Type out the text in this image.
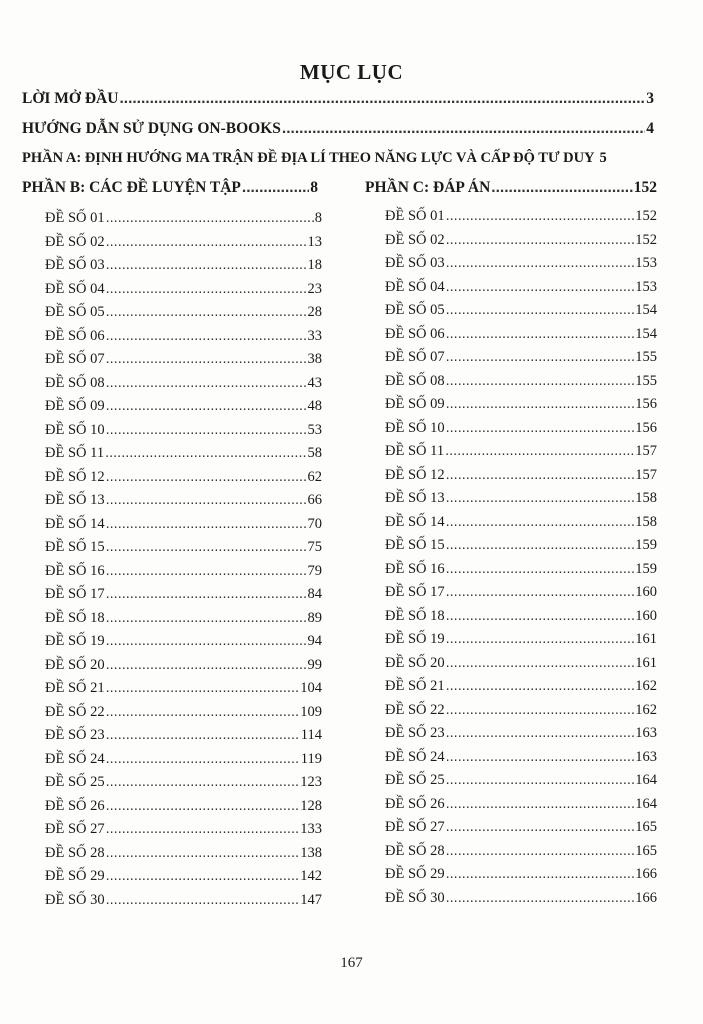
MỤC LỤC
LỜI MỞ ĐẦU .....	3
HƯỚNG DẪN SỬ DỤNG ON-BOOKS .....	4
PHẦN A: ĐỊNH HƯỚNG MA TRẬN ĐỀ ĐỊA LÍ THEO NĂNG LỰC VÀ CẤP ĐỘ TƯ DUY 5
PHẦN B: CÁC ĐỀ LUYỆN TẬP .....	8	PHẦN C: ĐÁP ÁN .....	152
ĐỀ SỐ 01 .....	8
ĐỀ SỐ 02 .....	13
ĐỀ SỐ 03 .....	18
ĐỀ SỐ 04 .....	23
ĐỀ SỐ 05 .....	28
ĐỀ SỐ 06 .....	33
ĐỀ SỐ 07 .....	38
ĐỀ SỐ 08 .....	43
ĐỀ SỐ 09 .....	48
ĐỀ SỐ 10 .....	53
ĐỀ SỐ 11 .....	58
ĐỀ SỐ 12 .....	62
ĐỀ SỐ 13 .....	66
ĐỀ SỐ 14 .....	70
ĐỀ SỐ 15 .....	75
ĐỀ SỐ 16 .....	79
ĐỀ SỐ 17 .....	84
ĐỀ SỐ 18 .....	89
ĐỀ SỐ 19 .....	94
ĐỀ SỐ 20 .....	99
ĐỀ SỐ 21 .....	104
ĐỀ SỐ 22 .....	109
ĐỀ SỐ 23 .....	114
ĐỀ SỐ 24 .....	119
ĐỀ SỐ 25 .....	123
ĐỀ SỐ 26 .....	128
ĐỀ SỐ 27 .....	133
ĐỀ SỐ 28 .....	138
ĐỀ SỐ 29 .....	142
ĐỀ SỐ 30 .....	147
ĐỀ SỐ 01 .....	152
ĐỀ SỐ 02 .....	152
ĐỀ SỐ 03 .....	153
ĐỀ SỐ 04 .....	153
ĐỀ SỐ 05 .....	154
ĐỀ SỐ 06 .....	154
ĐỀ SỐ 07 .....	155
ĐỀ SỐ 08 .....	155
ĐỀ SỐ 09 .....	156
ĐỀ SỐ 10 .....	156
ĐỀ SỐ 11 .....	157
ĐỀ SỐ 12 .....	157
ĐỀ SỐ 13 .....	158
ĐỀ SỐ 14 .....	158
ĐỀ SỐ 15 .....	159
ĐỀ SỐ 16 .....	159
ĐỀ SỐ 17 .....	160
ĐỀ SỐ 18 .....	160
ĐỀ SỐ 19 .....	161
ĐỀ SỐ 20 .....	161
ĐỀ SỐ 21 .....	162
ĐỀ SỐ 22 .....	162
ĐỀ SỐ 23 .....	163
ĐỀ SỐ 24 .....	163
ĐỀ SỐ 25 .....	164
ĐỀ SỐ 26 .....	164
ĐỀ SỐ 27 .....	165
ĐỀ SỐ 28 .....	165
ĐỀ SỐ 29 .....	166
ĐỀ SỐ 30 .....	166
167
